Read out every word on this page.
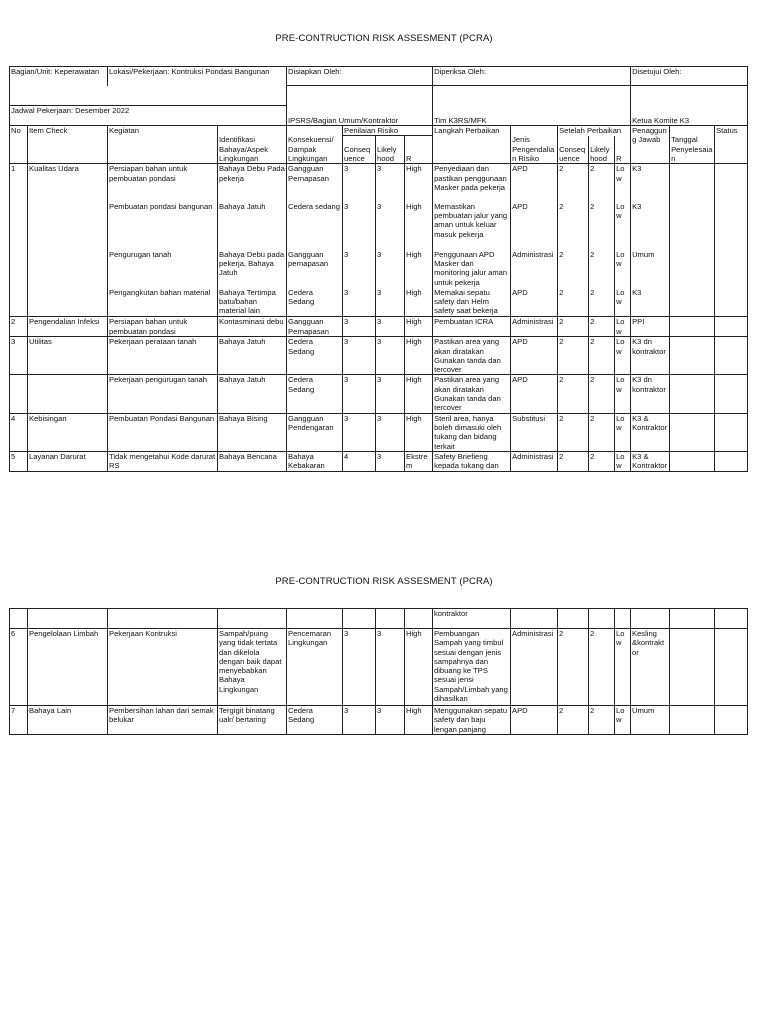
PRE-CONTRUCTION RISK ASSESMENT (PCRA)
Bagian/Unit: Keperawatan		Lokasi/Pekerjaan: Kontruksi Pondasi Bangunan		Disiapkan Oleh:				Diperiksa Oleh:					Disetujui Oleh:		

Jadwal Pekerjaan: Desember 2022				IPSRS/Bagian Umum/Kontraktor				Tim K3RS/MFK					Ketua Komite K3		
No	Item Check	Kegiatan	Identifikasi Bahaya/Aspek Lingkungan	Konsekuensi/ Dampak Lingkungan	Penilaian Risiko			Langkah Perbaikan	Jenis Pengendalia n Risiko	Setelah Perbaikan			Penaggun g Jawab	Tanggal Penyelesaia n	Status
					Conseq uence	Likely hood	R			Conseq uence	Likely hood	R			
1	Kualitas Udara	Persiapan bahan untuk pembuatan pondasi	Bahaya Debu Pada pekerja	Gangguan Pernapasan	3	3	High	Penyediaan dan pastikan penggunaan Masker pada pekerja	APD	2	2	Low	K3		
		Pembuatan pondasi bangunan	Bahaya Jatuh	Cedera sedang	3	3	High	Memastikan pembuatan jalur yang aman untuk keluar masuk pekerja	APD	2	2	Low	K3		
		Pengurugan tanah	Bahaya Debu pada pekerja, Bahaya Jatuh	Gangguan pernapasan	3	3	High	Penggunaan APD Masker dan monitoring jalur aman untuk pekerja	Administrasi	2	2	Low	Umum		
		Pengangkutan bahan material	Bahaya Tertimpa batu/bahan material lain	Cedera Sedang	3	3	High	Memakai sepatu safety dan Helm safety saat bekerja	APD	2	2	Low	K3		
2	Pengendalian Infeksi	Persiapan bahan untuk pembuatan pondasi	Kontasminasi debu	Gangguan Pernapasan	3	3	High	Pembuatan ICRA	Administrasi	2	2	Low	PPI		
3	Utilitas	Pekerjaan perataan tanah	Bahaya Jatuh	Cedera Sedang	3	3	High	Pastikan area yang akan diratakan Gunakan tanda dan tercover	APD	2	2	Low	K3 dn kontraktor		
		Pekerjaan pengurugan tanah	Bahaya Jatuh	Cedera Sedang	3	3	High	Pastikan area yang akan diratakan Gunakan tanda dan tercover	APD	2	2	Low	K3 dn kontraktor		
4	Kebisingan	Pembuatan Pondasi Bangunan	Bahaya Bising	Gangguan Pendengaran	3	3	High	Steril area, hanya boleh dimasuki oleh tukang dan bidang terkait	Substitusi	2	2	Low	K3 & Kontraktor		
5	Layanan Darurat	Tidak mengetahui Kode darurat RS	Bahaya Bencana	Bahaya Kebakaran	4	3	Ekstre m	Safety Briefieng kepada tukang dan	Administrasi	2	2	Low	K3 & Kontraktor		
PRE-CONTRUCTION RISK ASSESMENT (PCRA)
								kontraktor							
6	Pengelolaan Limbah	Pekerjaan Kontruksi	Sampah/puing yang tidak tertata dan dikelola dengan baik dapat menyebabkan Bahaya Lingkungan	Pencemaran Lingkungan	3	3	High	Pembuangan Sampah yang timbul sesuai dengan jenis sampahnya dan dibuang ke TPS sesuai jensi Sampah/Limbah yang dihasilkan	Administrasi	2	2	Low	Kesling &kontrakt or		
7	Bahaya Lain	Pembersihan lahan dari semak belukar	Tergigit binatang ualr/ bertaring	Cedera Sedang	3	3	High	Menggunakan sepatu safety dan baju lengan panjang	APD	2	2	Low	Umum		
